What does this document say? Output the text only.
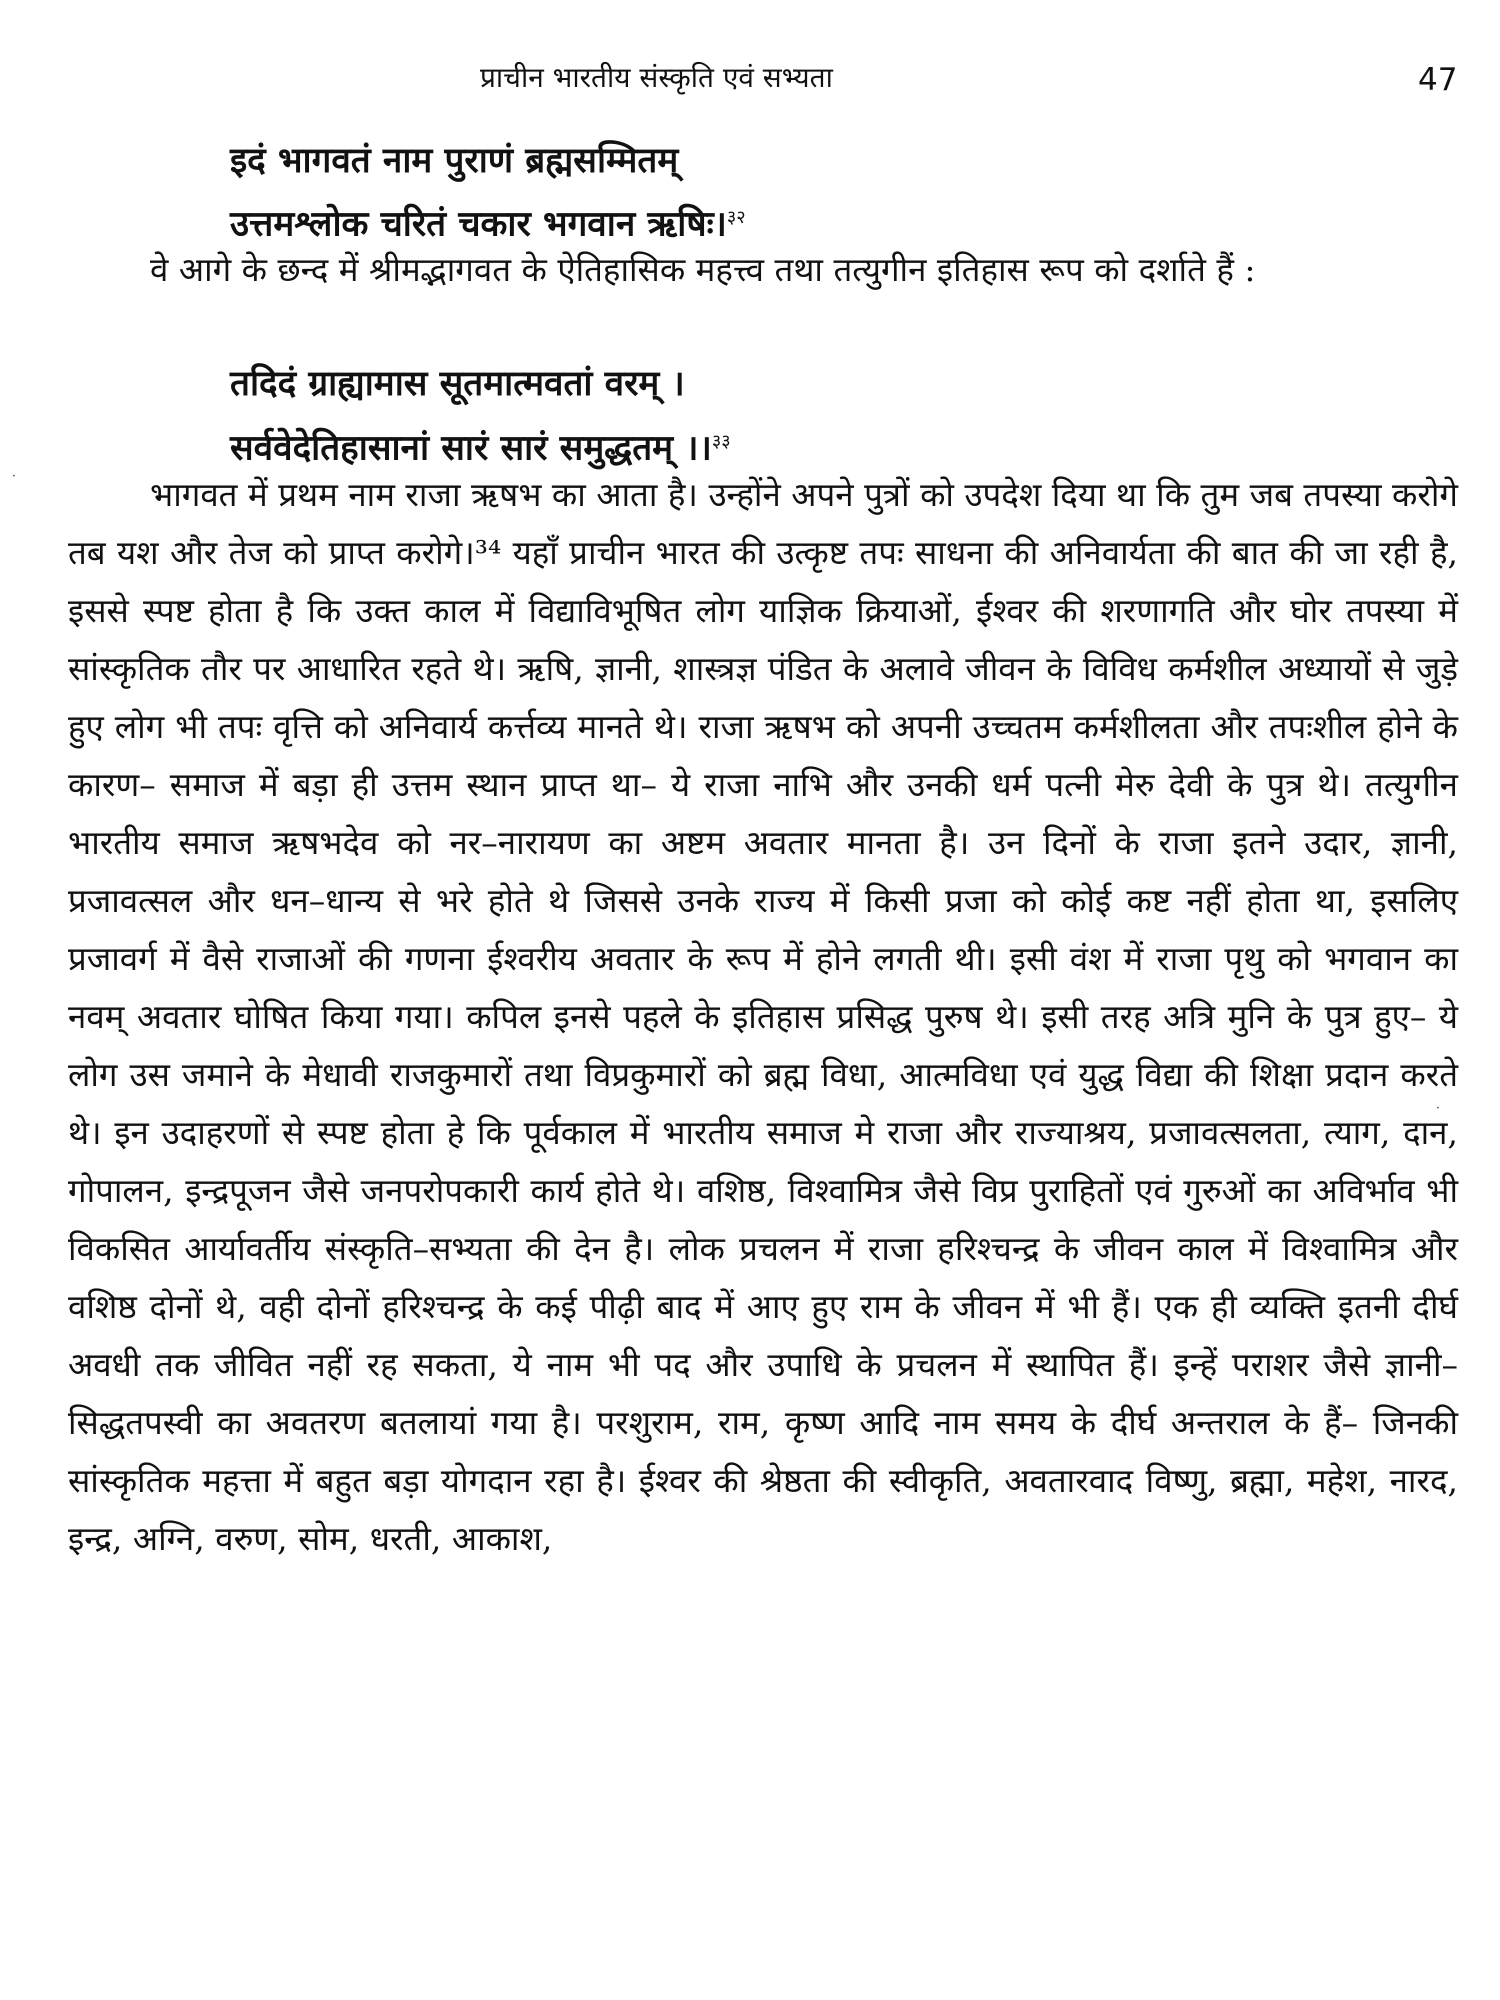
प्राचीन भारतीय संस्कृति एवं सभ्यता	47
इदं भागवतं नाम पुराणं ब्रह्मसम्मितम्
उत्तमश्लोक चरितं चकार भगवान ऋषिः।$^{३२}$
वे आगे के छन्द में श्रीमद्भागवत के ऐतिहासिक महत्त्व तथा तत्युगीन इतिहास रूप को दर्शाते हैं :
तदिदं ग्राह्यामास सूतमात्मवतां वरम् ।
सर्ववेदेतिहासानां सारं सारं समुद्धतम् ।।$^{३३}$
भागवत में प्रथम नाम राजा ऋषभ का आता है। उन्होंने अपने पुत्रों को उपदेश दिया था कि तुम जब तपस्या करोगे तब यश और तेज को प्राप्त करोगे।³⁴ यहाँ प्राचीन भारत की उत्कृष्ट तपः साधना की अनिवार्यता की बात की जा रही है, इससे स्पष्ट होता है कि उक्त काल में विद्याविभूषित लोग याज्ञिक क्रियाओं, ईश्वर की शरणागति और घोर तपस्या में सांस्कृतिक तौर पर आधारित रहते थे। ऋषि, ज्ञानी, शास्त्रज्ञ पंडित के अलावे जीवन के विविध कर्मशील अध्यायों से जुड़े हुए लोग भी तपः वृत्ति को अनिवार्य कर्त्तव्य मानते थे। राजा ऋषभ को अपनी उच्चतम कर्मशीलता और तपःशील होने के कारण– समाज में बड़ा ही उत्तम स्थान प्राप्त था– ये राजा नाभि और उनकी धर्म पत्नी मेरु देवी के पुत्र थे। तत्युगीन भारतीय समाज ऋषभदेव को नर–नारायण का अष्टम अवतार मानता है। उन दिनों के राजा इतने उदार, ज्ञानी, प्रजावत्सल और धन–धान्य से भरे होते थे जिससे उनके राज्य में किसी प्रजा को कोई कष्ट नहीं होता था, इसलिए प्रजावर्ग में वैसे राजाओं की गणना ईश्वरीय अवतार के रूप में होने लगती थी। इसी वंश में राजा पृथु को भगवान का नवम् अवतार घोषित किया गया। कपिल इनसे पहले के इतिहास प्रसिद्ध पुरुष थे। इसी तरह अत्रि मुनि के पुत्र हुए– ये लोग उस जमाने के मेधावी राजकुमारों तथा विप्रकुमारों को ब्रह्म विधा, आत्मविधा एवं युद्ध विद्या की शिक्षा प्रदान करते थे। इन उदाहरणों से स्पष्ट होता हे कि पूर्वकाल में भारतीय समाज मे राजा और राज्याश्रय, प्रजावत्सलता, त्याग, दान, गोपालन, इन्द्रपूजन जैसे जनपरोपकारी कार्य होते थे। वशिष्ठ, विश्वामित्र जैसे विप्र पुराहितों एवं गुरुओं का अविर्भाव भी विकसित आर्यावर्तीय संस्कृति–सभ्यता की देन है। लोक प्रचलन में राजा हरिश्चन्द्र के जीवन काल में विश्वामित्र और वशिष्ठ दोनों थे, वही दोनों हरिश्चन्द्र के कई पीढ़ी बाद में आए हुए राम के जीवन में भी हैं। एक ही व्यक्ति इतनी दीर्घ अवधी तक जीवित नहीं रह सकता, ये नाम भी पद और उपाधि के प्रचलन में स्थापित हैं। इन्हें पराशर जैसे ज्ञानी–सिद्धतपस्वी का अवतरण बतलायां गया है। परशुराम, राम, कृष्ण आदि नाम समय के दीर्घ अन्तराल के हैं– जिनकी सांस्कृतिक महत्ता में बहुत बड़ा योगदान रहा है। ईश्वर की श्रेष्ठता की स्वीकृति, अवतारवाद विष्णु, ब्रह्मा, महेश, नारद, इन्द्र, अग्नि, वरुण, सोम, धरती, आकाश,
·
·
